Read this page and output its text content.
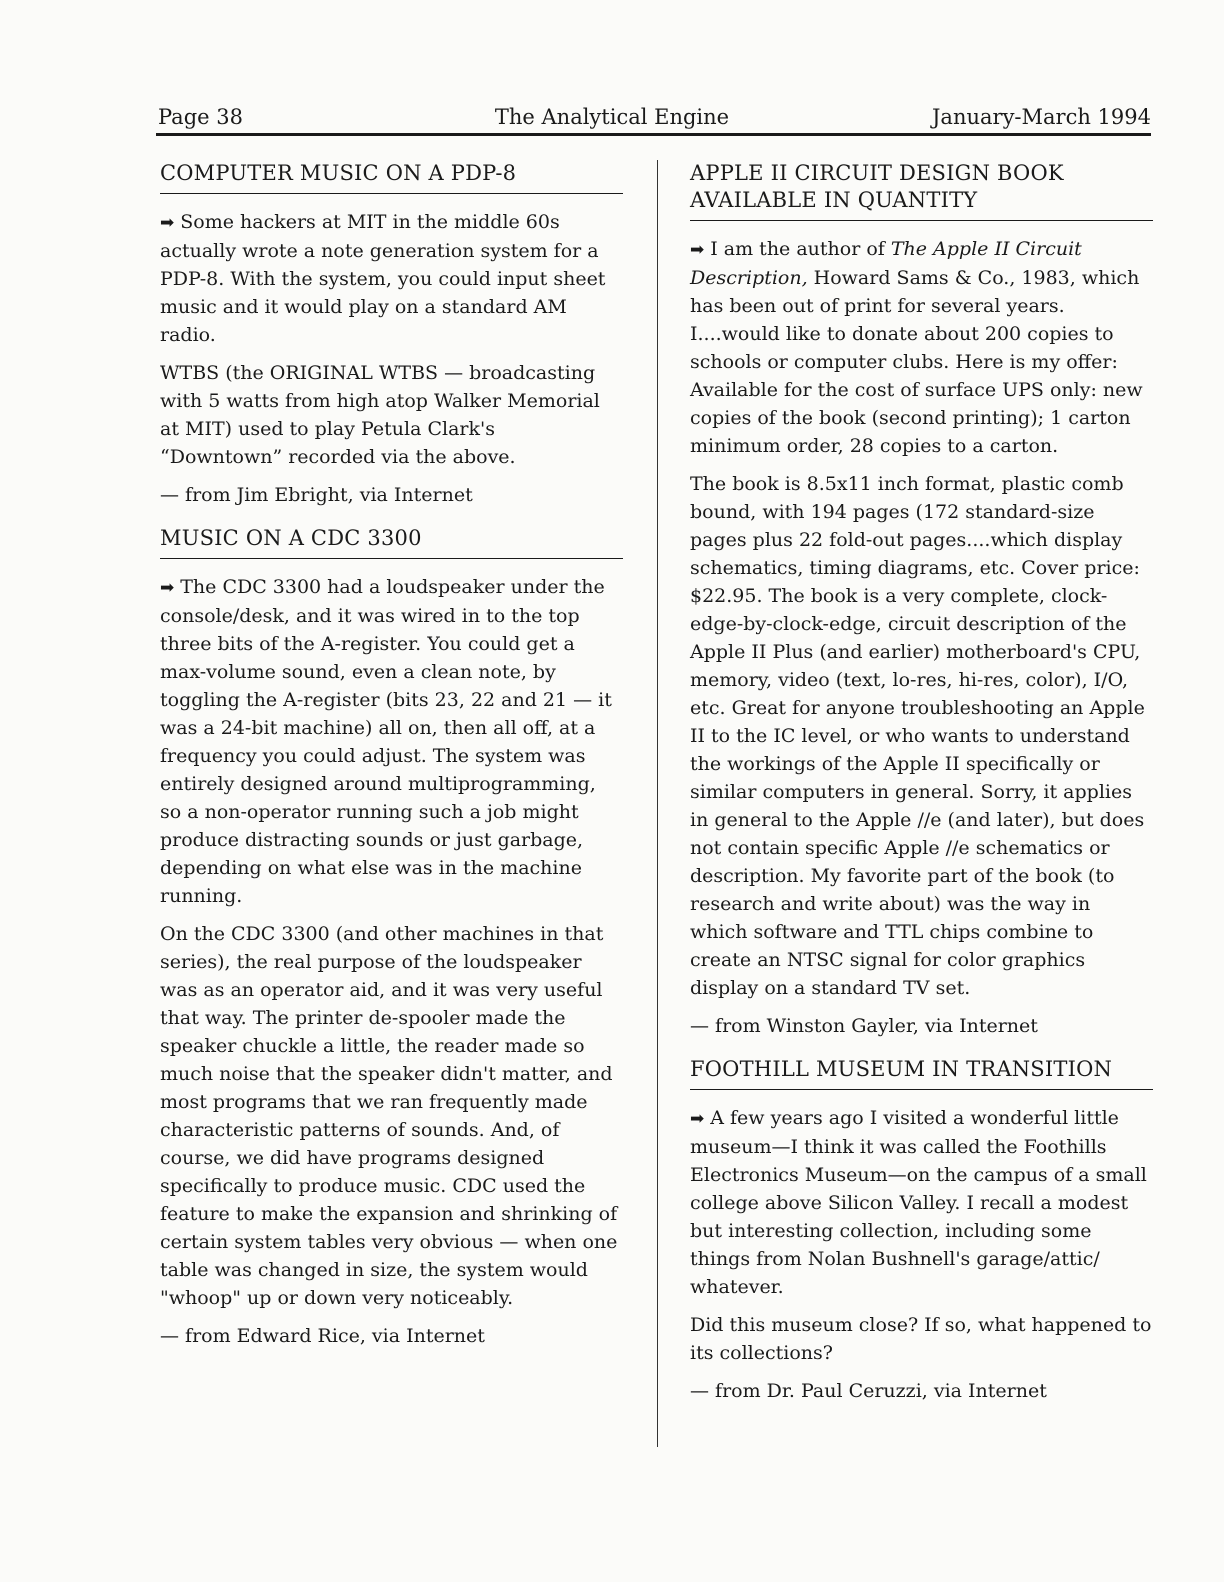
Page 38	The Analytical Engine	January-March 1994
COMPUTER MUSIC ON A PDP-8

➡ Some hackers at MIT in the middle 60s actually wrote a note generation system for a PDP-8. With the system, you could input sheet music and it would play on a standard AM radio.

WTBS (the ORIGINAL WTBS — broadcasting with 5 watts from high atop Walker Memorial at MIT) used to play Petula Clark's “Downtown” recorded via the above.

— from Jim Ebright, via Internet

MUSIC ON A CDC 3300

➡ The CDC 3300 had a loudspeaker under the console/desk, and it was wired in to the top three bits of the A-register. You could get a max-volume sound, even a clean note, by toggling the A-register (bits 23, 22 and 21 — it was a 24-bit machine) all on, then all off, at a frequency you could adjust. The system was entirely designed around multiprogramming, so a non-operator running such a job might produce distracting sounds or just garbage, depending on what else was in the machine running.

On the CDC 3300 (and other machines in that series), the real purpose of the loudspeaker was as an operator aid, and it was very useful that way. The printer de-spooler made the speaker chuckle a little, the reader made so much noise that the speaker didn't matter, and most programs that we ran frequently made characteristic patterns of sounds. And, of course, we did have programs designed specifically to produce music. CDC used the feature to make the expansion and shrinking of certain system tables very obvious — when one table was changed in size, the system would "whoop" up or down very noticeably.

— from Edward Rice, via Internet

APPLE II CIRCUIT DESIGN BOOK AVAILABLE IN QUANTITY

➡ I am the author of The Apple II Circuit Description, Howard Sams & Co., 1983, which has been out of print for several years. I....would like to donate about 200 copies to schools or computer clubs. Here is my offer: Available for the cost of surface UPS only: new copies of the book (second printing); 1 carton minimum order, 28 copies to a carton.

The book is 8.5x11 inch format, plastic comb bound, with 194 pages (172 standard-size pages plus 22 fold-out pages....which display schematics, timing diagrams, etc. Cover price: $22.95. The book is a very complete, clock-edge-by-clock-edge, circuit description of the Apple II Plus (and earlier) motherboard's CPU, memory, video (text, lo-res, hi-res, color), I/O, etc. Great for anyone troubleshooting an Apple II to the IC level, or who wants to understand the workings of the Apple II specifically or similar computers in general. Sorry, it applies in general to the Apple //e (and later), but does not contain specific Apple //e schematics or description. My favorite part of the book (to research and write about) was the way in which software and TTL chips combine to create an NTSC signal for color graphics display on a standard TV set.

— from Winston Gayler, via Internet

FOOTHILL MUSEUM IN TRANSITION

➡ A few years ago I visited a wonderful little museum—I think it was called the Foothills Electronics Museum—on the campus of a small college above Silicon Valley. I recall a modest but interesting collection, including some things from Nolan Bushnell's garage/attic/ whatever.

Did this museum close? If so, what happened to its collections?

— from Dr. Paul Ceruzzi, via Internet
